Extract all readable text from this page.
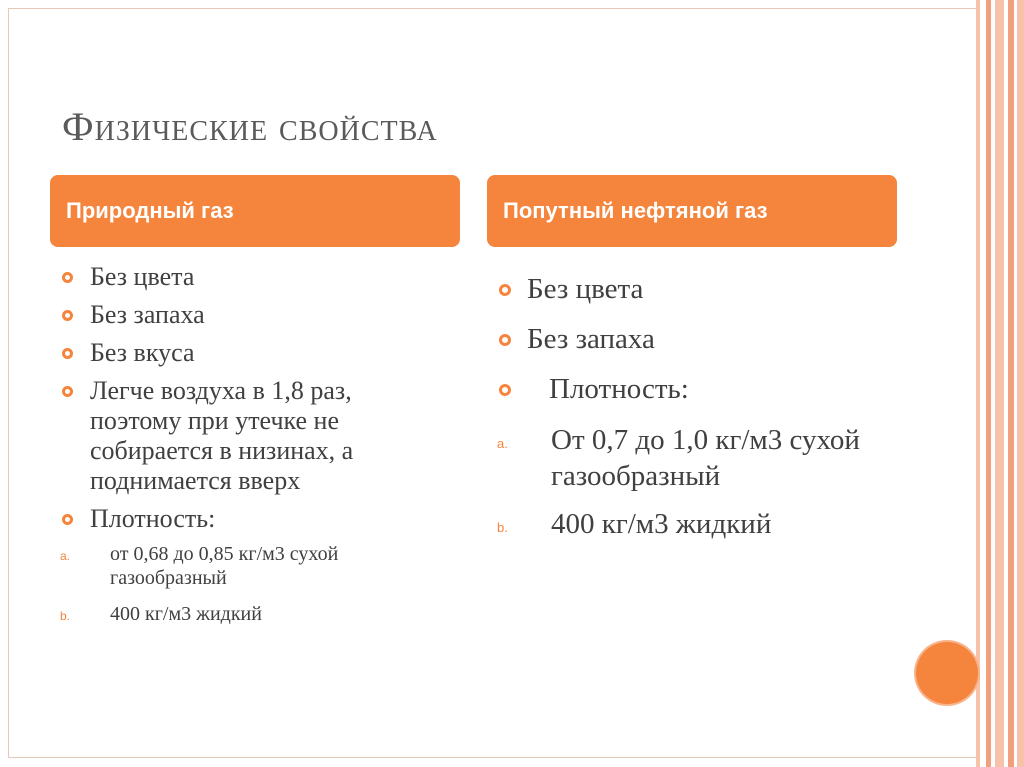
Физические свойства
Природный газ	Попутный нефтяной газ
Без цвета
Без запаха
Без вкуса
Легче воздуха в 1,8 раз, поэтому при утечке не собирается в низинах, а поднимается вверх
Плотность:
a. от 0,68 до 0,85 кг/м3 сухой газообразный
b. 400 кг/м3 жидкий
Без цвета
Без запаха
Плотность:
a. От 0,7 до 1,0 кг/м3 сухой газообразный
b. 400 кг/м3 жидкий
